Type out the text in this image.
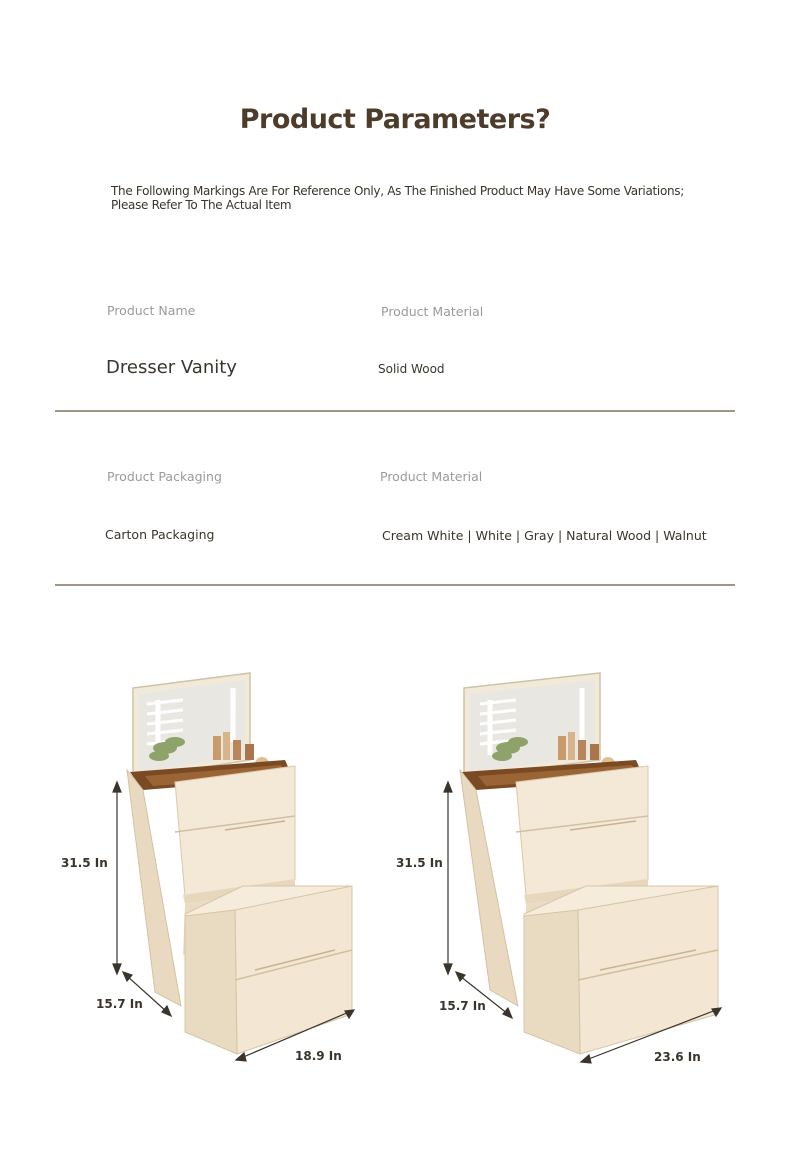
Product Parameters?
The Following Markings Are For Reference Only, As The Finished Product May Have Some Variations;
Please Refer To The Actual Item
Product Name	Product Material
Dresser Vanity	Solid Wood
Product Packaging	Product Material
Carton Packaging	Cream White | White | Gray | Natural Wood | Walnut
31.5 In
15.7 In
18.9 In
31.5 In
15.7 In
23.6 In
